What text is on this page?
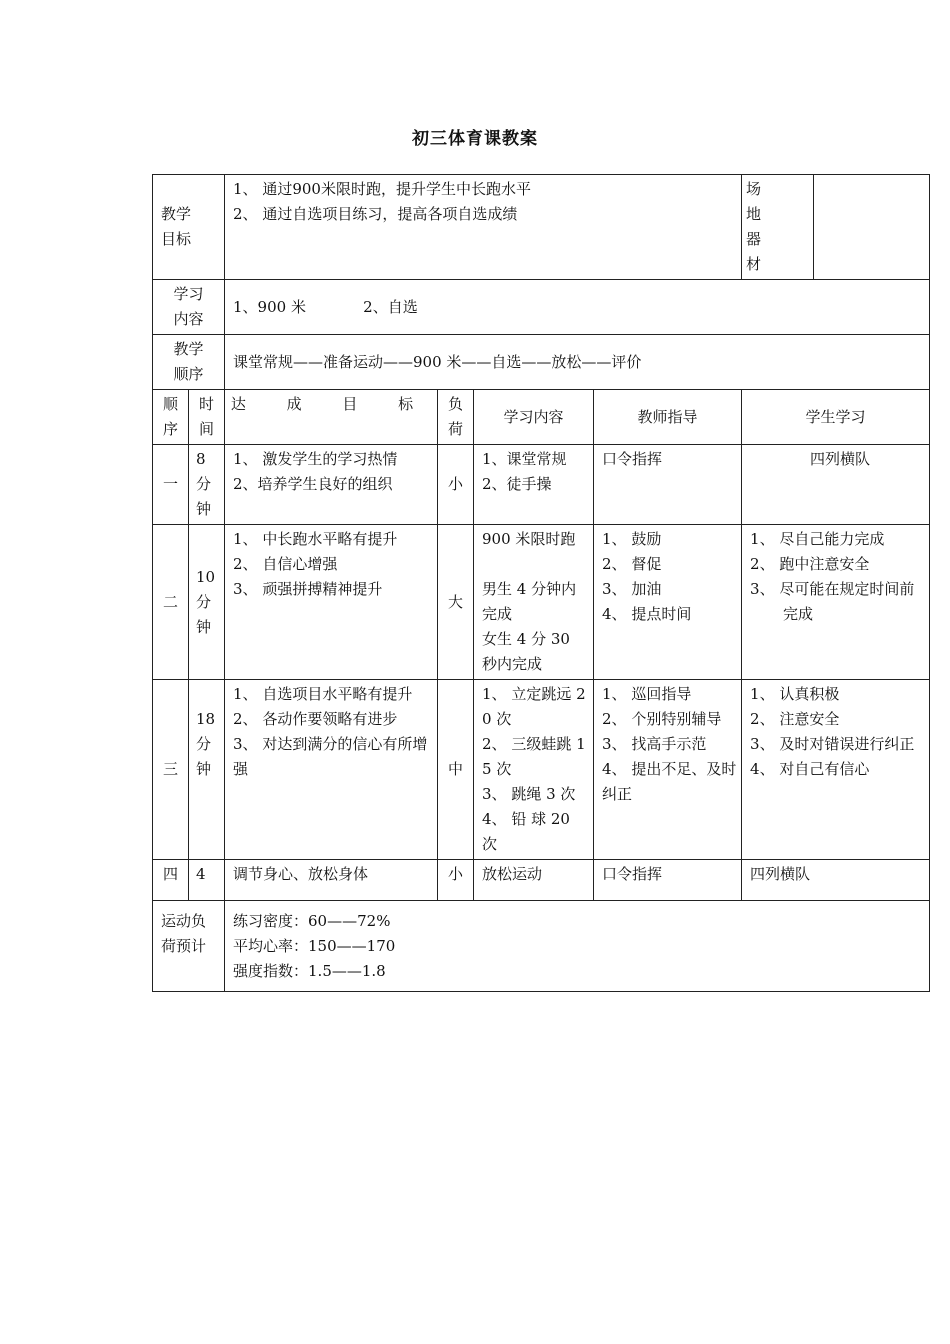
初三体育课教案
教学
目标		1、 通过900米限时跑，提升学生中长跑水平
2、 通过自选项目练习，提高各项自选成绩				场
地
器
材	

学习
内容		1、900 米            2、自选					

教学
顺序		课堂常规——准备运动——900 米——自选——放松——评价					

顺
序	时
间	达 成 目 标	负
荷	学习内容	教师指导	学生学习	
一	8
分
钟	1、 激发学生的学习热情
2、培养学生良好的组织	小	1、课堂常规
2、徒手操	口令指挥	四列横队	

二	10
分
钟	1、 中长跑水平略有提升
2、 自信心增强
3、 顽强拼搏精神提升	大	900 米限时跑
男生 4 分钟内完成
女生 4 分 30 秒内完成	1、 鼓励
2、 督促
3、 加油
4、 提点时间	1、 尽自己能力完成
2、 跑中注意安全
3、 尽可能在规定时间前完成	

三	18
分
钟	1、 自选项目水平略有提升
2、 各动作要领略有进步
3、 对达到满分的信心有所增强	中	1、 立定跳远 20 次
2、 三级蛙跳 15 次
3、 跳绳 3 次
4、 铅 球 20 次	1、 巡回指导
2、 个别特别辅导
3、 找高手示范
4、 提出不足、及时纠正	1、 认真积极
2、 注意安全
3、 及时对错误进行纠正
4、 对自己有信心	

四	4	调节身心、放松身体	小	放松运动	口令指挥	四列横队	

运动负
荷预计		练习密度：60——72%
平均心率：150——170
强度指数：1.5——1.8					
